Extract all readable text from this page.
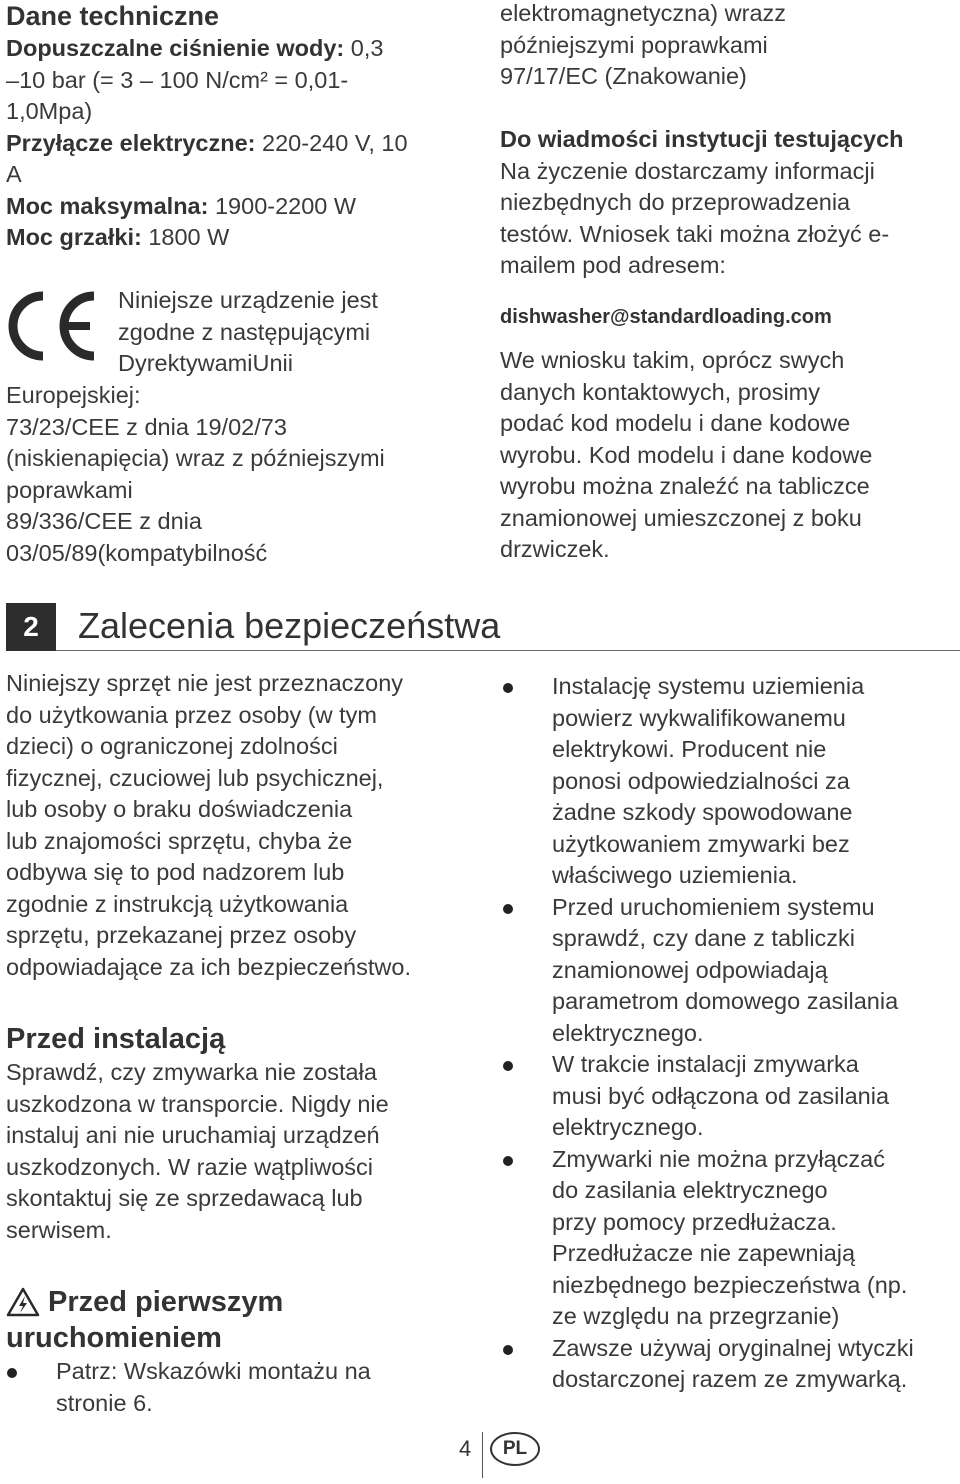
Dane techniczne
Dopuszczalne ciśnienie wody: 0,3
–10 bar (= 3 – 100 N/cm² = 0,01-
1,0Mpa)
Przyłącze elektryczne: 220-240 V, 10
A
Moc maksymalna: 1900-2200 W
Moc grzałki: 1800 W
Niniejsze urządzenie jest
zgodne z następującymi
DyrektywamiUnii
Europejskiej:
73/23/CEE z dnia 19/02/73
(niskienapięcia) wraz z późniejszymi
poprawkami
89/336/CEE z dnia
03/05/89(kompatybilność
elektromagnetyczna) wrazz
późniejszymi poprawkami
97/17/EC (Znakowanie)
Do wiadmości instytucji testujących
Na życzenie dostarczamy informacji
niezbędnych do przeprowadzenia
testów. Wniosek taki można złożyć e-
mailem pod adresem:
dishwasher@standardloading.com
We wniosku takim, oprócz swych
danych kontaktowych, prosimy
podać kod modelu i dane kodowe
wyrobu. Kod modelu i dane kodowe
wyrobu można znaleźć na tabliczce
znamionowej umieszczonej z boku
drzwiczek.
2	Zalecenia bezpieczeństwa
Niniejszy sprzęt nie jest przeznaczony
do użytkowania przez osoby (w tym
dzieci) o ograniczonej zdolności
fizycznej, czuciowej lub psychicznej,
lub osoby o braku doświadczenia
lub znajomości sprzętu, chyba że
odbywa się to pod nadzorem lub
zgodnie z instrukcją użytkowania
sprzętu, przekazanej przez osoby
odpowiadające za ich bezpieczeństwo.
Przed instalacją
Sprawdź, czy zmywarka nie została
uszkodzona w transporcie. Nigdy nie
instaluj ani nie uruchamiaj urządzeń
uszkodzonych. W razie wątpliwości
skontaktuj się ze sprzedawacą lub
serwisem.
Przed pierwszym
uruchomieniem
Patrz: Wskazówki montażu na
stronie 6.
Instalację systemu uziemienia
powierz wykwalifikowanemu
elektrykowi. Producent nie
ponosi odpowiedzialności za
żadne szkody spowodowane
użytkowaniem zmywarki bez
właściwego uziemienia.
Przed uruchomieniem systemu
sprawdź, czy dane z tabliczki
znamionowej odpowiadają
parametrom domowego zasilania
elektrycznego.
W trakcie instalacji zmywarka
musi być odłączona od zasilania
elektrycznego.
Zmywarki nie można przyłączać
do zasilania elektrycznego
przy pomocy przedłużacza.
Przedłużacze nie zapewniają
niezbędnego bezpieczeństwa (np.
ze względu na przegrzanie)
Zawsze używaj oryginalnej wtyczki
dostarczonej razem ze zmywarką.
4	PL
